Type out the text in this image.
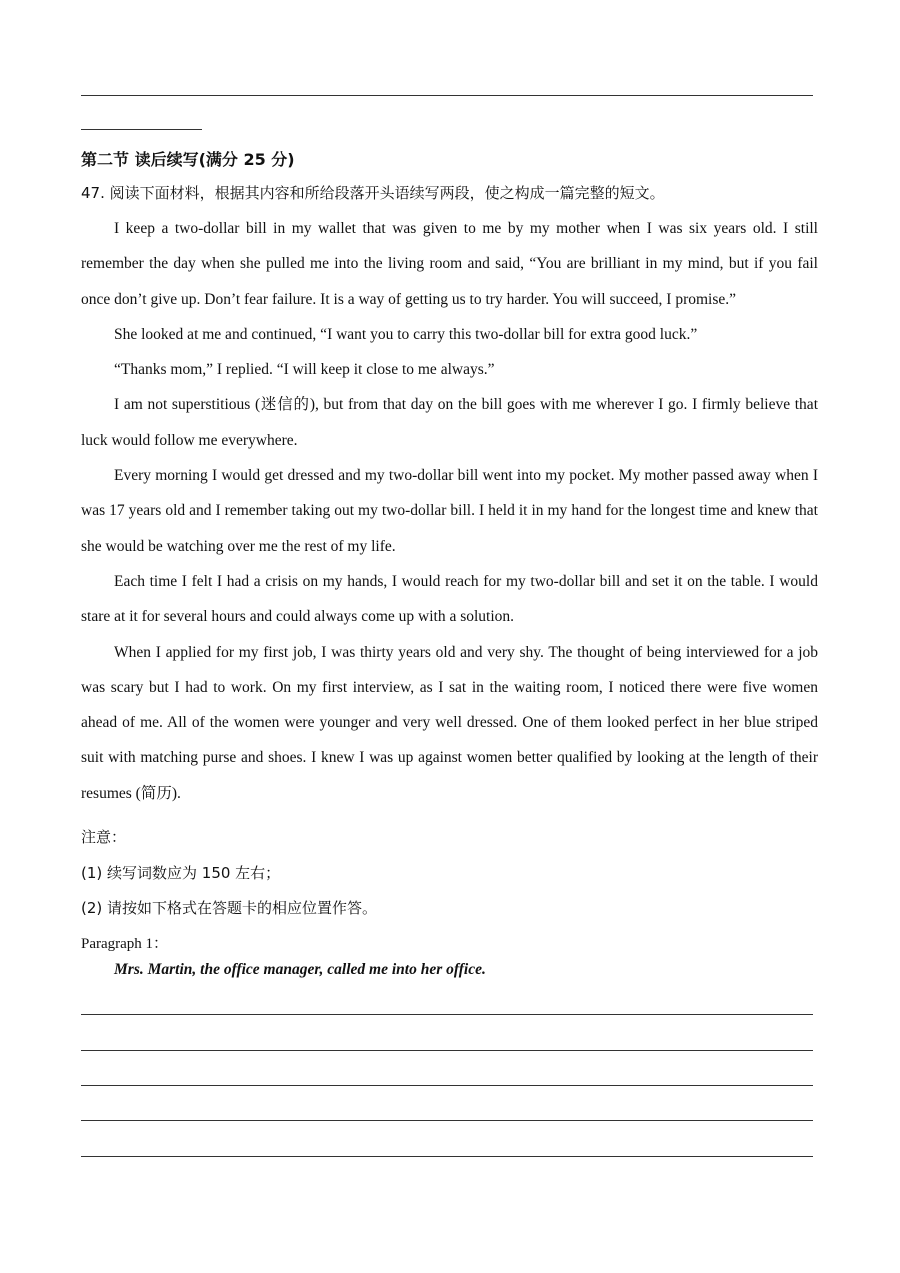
第二节 读后续写(满分 25 分)
47. 阅读下面材料，根据其内容和所给段落开头语续写两段，使之构成一篇完整的短文。

I keep a two-dollar bill in my wallet that was given to me by my mother when I was six years old. I still remember the day when she pulled me into the living room and said, “You are brilliant in my mind, but if you fail once don’t give up. Don’t fear failure. It is a way of getting us to try harder. You will succeed, I promise.”

She looked at me and continued, “I want you to carry this two-dollar bill for extra good luck.”

“Thanks mom,” I replied. “I will keep it close to me always.”

I am not superstitious (迷信的), but from that day on the bill goes with me wherever I go. I firmly believe that luck would follow me everywhere.

Every morning I would get dressed and my two-dollar bill went into my pocket. My mother passed away when I was 17 years old and I remember taking out my two-dollar bill. I held it in my hand for the longest time and knew that she would be watching over me the rest of my life.

Each time I felt I had a crisis on my hands, I would reach for my two-dollar bill and set it on the table. I would stare at it for several hours and could always come up with a solution.

When I applied for my first job, I was thirty years old and very shy. The thought of being interviewed for a job was scary but I had to work. On my first interview, as I sat in the waiting room, I noticed there were five women ahead of me. All of the women were younger and very well dressed. One of them looked perfect in her blue striped suit with matching purse and shoes. I knew I was up against women better qualified by looking at the length of their resumes (简历).

注意：
(1) 续写词数应为 150 左右；
(2) 请按如下格式在答题卡的相应位置作答。
Paragraph 1：
Mrs. Martin, the office manager, called me into her office.
